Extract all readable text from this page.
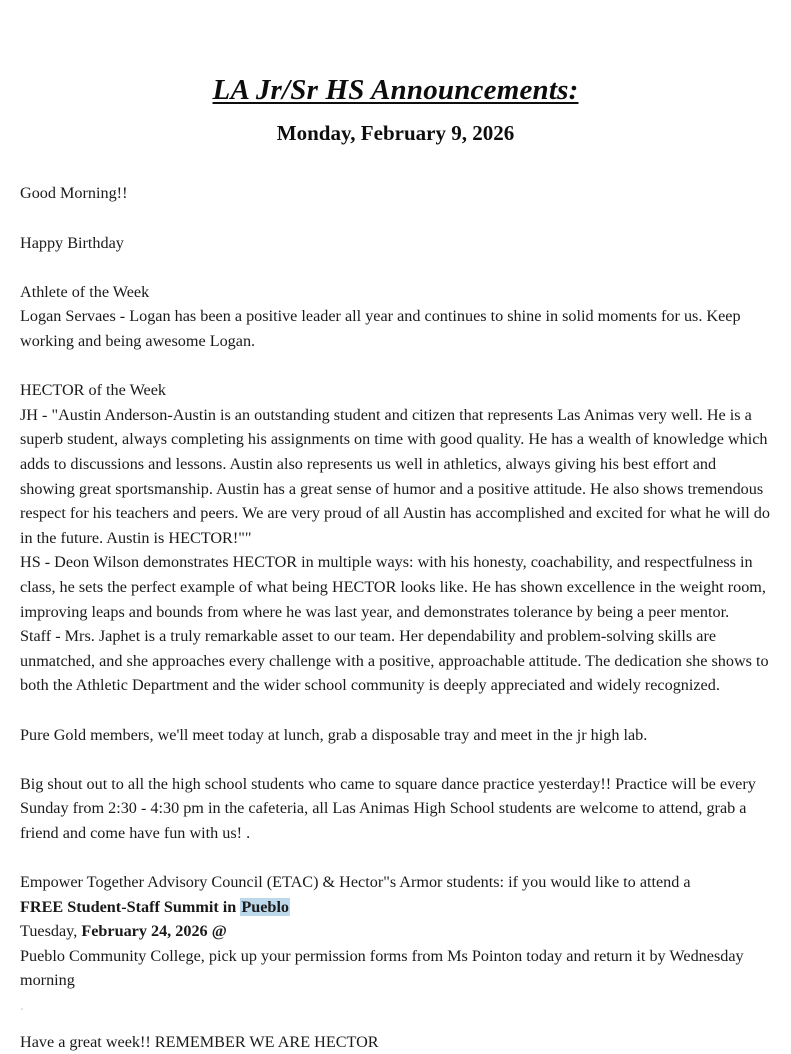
LA Jr/Sr HS Announcements:
Monday, February 9, 2026
Good Morning!!
Happy Birthday
Athlete of the Week
Logan Servaes - Logan has been a positive leader all year and continues to shine in solid moments for us. Keep working and being awesome Logan.
HECTOR of the Week
JH - "Austin Anderson-Austin is an outstanding student and citizen that represents Las Animas very well. He is a superb student, always completing his assignments on time with good quality. He has a wealth of knowledge which adds to discussions and lessons. Austin also represents us well in athletics, always giving his best effort and showing great sportsmanship. Austin has a great sense of humor and a positive attitude. He also shows tremendous respect for his teachers and peers. We are very proud of all Austin has accomplished and excited for what he will do in the future. Austin is HECTOR!""
HS - Deon Wilson demonstrates HECTOR in multiple ways: with his honesty, coachability, and respectfulness in class, he sets the perfect example of what being HECTOR looks like. He has shown excellence in the weight room, improving leaps and bounds from where he was last year, and demonstrates tolerance by being a peer mentor.
Staff - Mrs. Japhet is a truly remarkable asset to our team. Her dependability and problem-solving skills are unmatched, and she approaches every challenge with a positive, approachable attitude. The dedication she shows to both the Athletic Department and the wider school community is deeply appreciated and widely recognized.
Pure Gold members, we'll meet today at lunch, grab a disposable tray and meet in the jr high lab.
Big shout out to all the high school students who came to square dance practice yesterday!! Practice will be every Sunday from 2:30 - 4:30 pm in the cafeteria, all Las Animas High School students are welcome to attend, grab a friend and come have fun with us! .
Empower Together Advisory Council (ETAC) & Hector"s Armor students: if you would like to attend a
FREE Student-Staff Summit in Pueblo
Tuesday, February 24, 2026 @
Pueblo Community College, pick up your permission forms from Ms Pointon today and return it by Wednesday morning
.
Have a great week!! REMEMBER WE ARE HECTOR
